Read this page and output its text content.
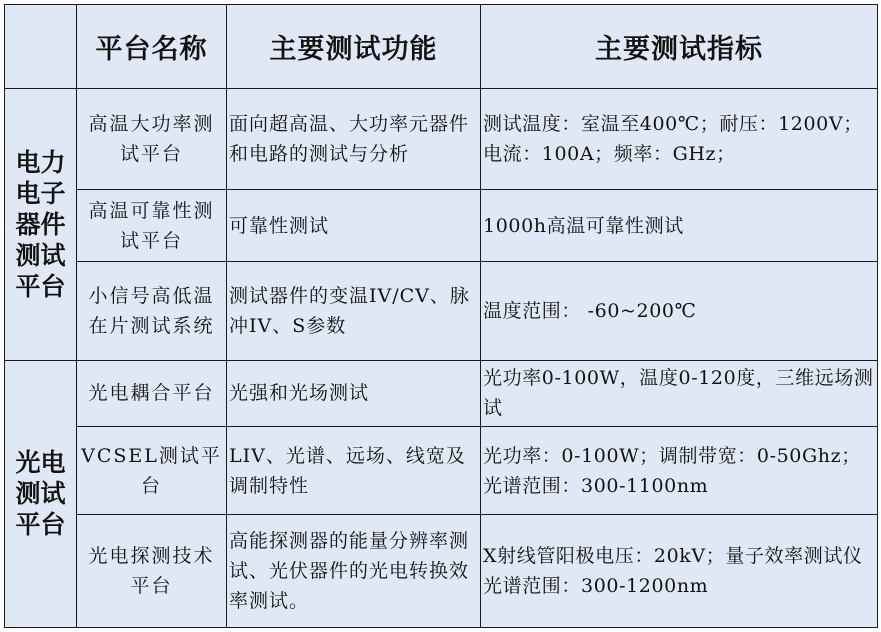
	平台名称	主要测试功能	主要测试指标
电力电子器件测试平台	高温大功率测试平台	面向超高温、大功率元器件和电路的测试与分析	测试温度：室温至400℃；耐压：1200V；电流：100A；频率：GHz；
	高温可靠性测试平台	可靠性测试	1000h高温可靠性测试
	小信号高低温在片测试系统	测试器件的变温IV/CV、脉冲IV、S参数	温度范围： -60~200℃
光电测试平台	光电耦合平台	光强和光场测试	光功率0-100W，温度0-120度，三维远场测试
	VCSEL测试平台	LIV、光谱、远场、线宽及调制特性	光功率：0-100W；调制带宽：0-50Ghz；光谱范围：300-1100nm
	光电探测技术平台	高能探测器的能量分辨率测试、光伏器件的光电转换效率测试。	X射线管阳极电压：20kV；量子效率测试仪光谱范围：300-1200nm
